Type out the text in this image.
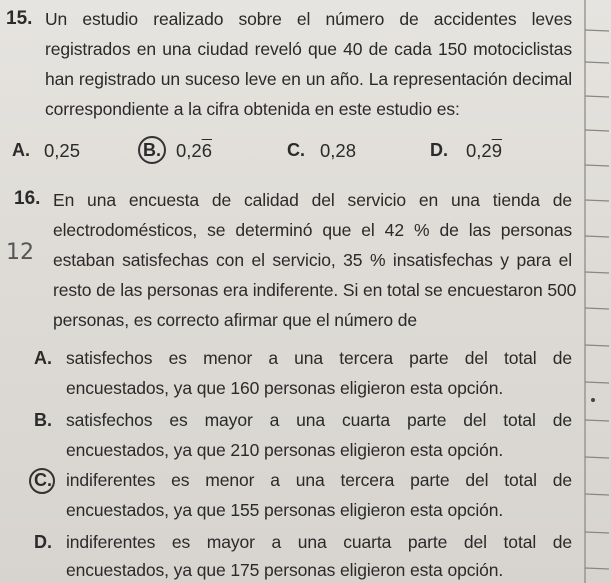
15. Un estudio realizado sobre el número de accidentes leves
registrados en una ciudad reveló que 40 de cada 150 motociclistas
han registrado un suceso leve en un año. La representación decimal
correspondiente a la cifra obtenida en este estudio es:
A. 0,25	B. 0,26	C. 0,28	D. 0,29
16. En una encuesta de calidad del servicio en una tienda de
electrodomésticos, se determinó que el 42 % de las personas
estaban satisfechas con el servicio, 35 % insatisfechas y para el
resto de las personas era indiferente. Si en total se encuestaron 500
personas, es correcto afirmar que el número de
12
A. satisfechos es menor a una tercera parte del total de
encuestados, ya que 160 personas eligieron esta opción.
B. satisfechos es mayor a una cuarta parte del total de
encuestados, ya que 210 personas eligieron esta opción.
C. indiferentes es menor a una tercera parte del total de
encuestados, ya que 155 personas eligieron esta opción.
D. indiferentes es mayor a una cuarta parte del total de
encuestados, ya que 175 personas eligieron esta opción.
